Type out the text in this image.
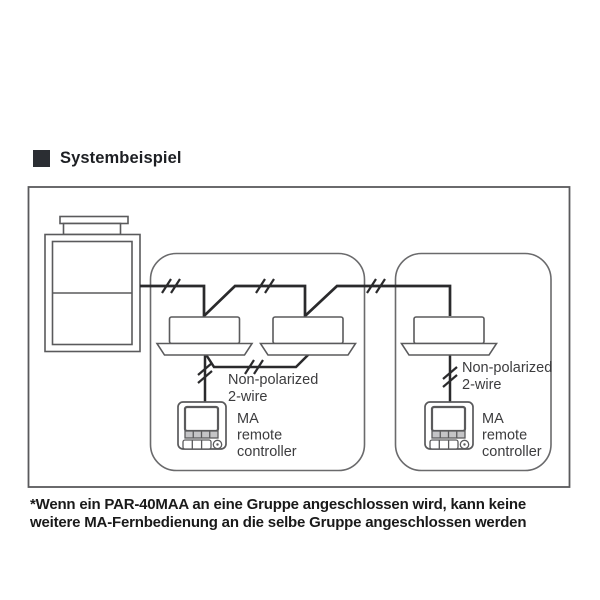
Systembeispiel
Non-polarized
2-wire
MA
remote
controller
Non-polarized
2-wire
MA
remote
controller
*Wenn ein PAR-40MAA an eine Gruppe angeschlossen wird, kann keine
weitere MA-Fernbedienung an die selbe Gruppe angeschlossen werden
